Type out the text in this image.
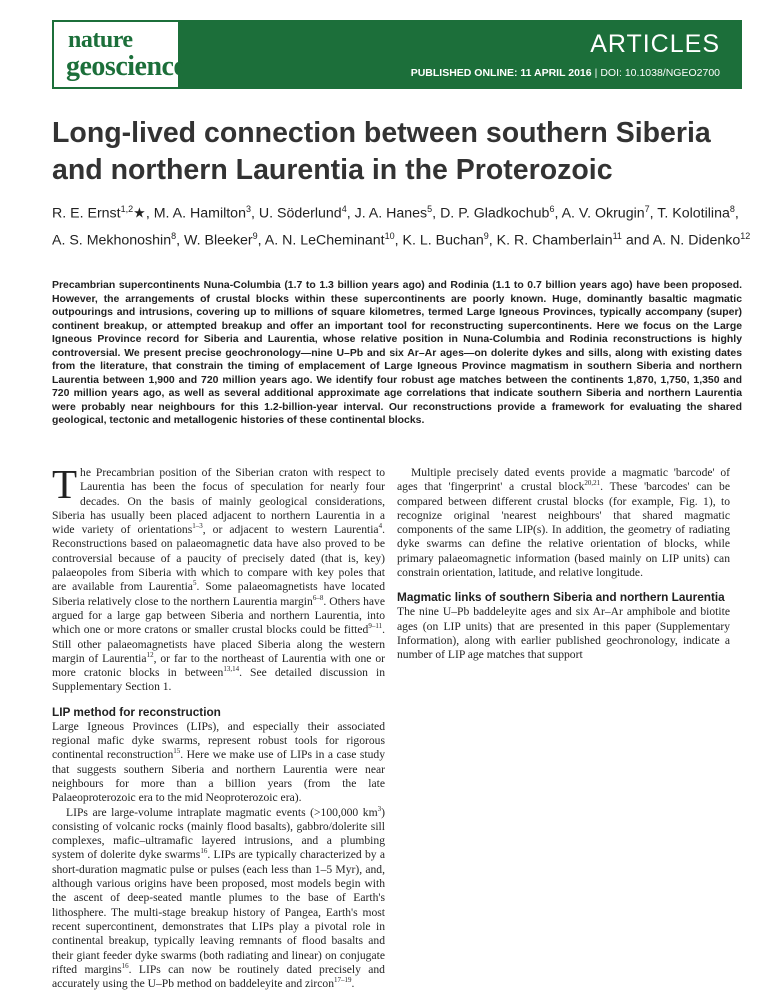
nature
geoscience
ARTICLES
PUBLISHED ONLINE: 11 APRIL 2016 | DOI: 10.1038/NGEO2700
Long-lived connection between southern Siberia and northern Laurentia in the Proterozoic

R. E. Ernst$^{1,2}$★, M. A. Hamilton$^3$, U. Söderlund$^4$, J. A. Hanes$^5$, D. P. Gladkochub$^6$, A. V. Okrugin$^7$, T. Kolotilina$^8$, A. S. Mekhonoshin$^8$, W. Bleeker$^9$, A. N. LeCheminant$^{10}$, K. L. Buchan$^9$, K. R. Chamberlain$^{11}$ and A. N. Didenko$^{12}$

Precambrian supercontinents Nuna-Columbia (1.7 to 1.3 billion years ago) and Rodinia (1.1 to 0.7 billion years ago) have been proposed. However, the arrangements of crustal blocks within these supercontinents are poorly known. Huge, dominantly basaltic magmatic outpourings and intrusions, covering up to millions of square kilometres, termed Large Igneous Provinces, typically accompany (super) continent breakup, or attempted breakup and offer an important tool for reconstructing supercontinents. Here we focus on the Large Igneous Province record for Siberia and Laurentia, whose relative position in Nuna-Columbia and Rodinia reconstructions is highly controversial. We present precise geochronology—nine U–Pb and six Ar–Ar ages—on dolerite dykes and sills, along with existing dates from the literature, that constrain the timing of emplacement of Large Igneous Province magmatism in southern Siberia and northern Laurentia between 1,900 and 720 million years ago. We identify four robust age matches between the continents 1,870, 1,750, 1,350 and 720 million years ago, as well as several additional approximate age correlations that indicate southern Siberia and northern Laurentia were probably near neighbours for this 1.2-billion-year interval. Our reconstructions provide a framework for evaluating the shared geological, tectonic and metallogenic histories of these continental blocks.

The Precambrian position of the Siberian craton with respect to Laurentia has been the focus of speculation for nearly four decades. On the basis of mainly geological considerations, Siberia has usually been placed adjacent to northern Laurentia in a wide variety of orientations$^{1-3}$, or adjacent to western Laurentia$^4$. Reconstructions based on palaeomagnetic data have also proved to be controversial because of a paucity of precisely dated (that is, key) palaeopoles from Siberia with which to compare with key poles that are available from Laurentia$^5$. Some palaeomagnetists have located Siberia relatively close to the northern Laurentia margin$^{6-8}$. Others have argued for a large gap between Siberia and northern Laurentia, into which one or more cratons or smaller crustal blocks could be fitted$^{9-11}$. Still other palaeomagnetists have placed Siberia along the western margin of Laurentia$^{12}$, or far to the northeast of Laurentia with one or more cratonic blocks in between$^{13,14}$. See detailed discussion in Supplementary Section 1.

LIP method for reconstruction

Large Igneous Provinces (LIPs), and especially their associated regional mafic dyke swarms, represent robust tools for rigorous continental reconstruction$^{15}$. Here we make use of LIPs in a case study that suggests southern Siberia and northern Laurentia were near neighbours for more than a billion years (from the late Palaeoproterozoic era to the mid Neoproterozoic era).

LIPs are large-volume intraplate magmatic events (>100,000 $km^3$) consisting of volcanic rocks (mainly flood basalts), gabbro/dolerite sill complexes, mafic–ultramafic layered intrusions, and a plumbing system of dolerite dyke swarms$^{16}$. LIPs are typically characterized by a short-duration magmatic pulse or pulses (each less than 1–5 Myr), and, although various origins have been proposed, most models begin with the ascent of deep-seated mantle plumes to the base of Earth's lithosphere. The multi-stage breakup history of Pangea, Earth's most recent supercontinent, demonstrates that LIPs play a pivotal role in continental breakup, typically leaving remnants of flood basalts and their giant feeder dyke swarms (both radiating and linear) on conjugate rifted margins$^{16}$. LIPs can now be routinely dated precisely and accurately using the U–Pb method on baddeleyite and zircon$^{17-19}$.

Multiple precisely dated events provide a magmatic 'barcode' of ages that 'fingerprint' a crustal block$^{20,21}$. These 'barcodes' can be compared between different crustal blocks (for example, Fig. 1), to recognize original 'nearest neighbours' that shared magmatic components of the same LIP(s). In addition, the geometry of radiating dyke swarms can define the relative orientation of blocks, while primary palaeomagnetic information (based mainly on LIP units) can constrain orientation, latitude, and relative longitude.

Magmatic links of southern Siberia and northern Laurentia

The nine U–Pb baddeleyite ages and six Ar–Ar amphibole and biotite ages (on LIP units) that are presented in this paper (Supplementary Information), along with earlier published geochronology, indicate a number of LIP age matches that support
